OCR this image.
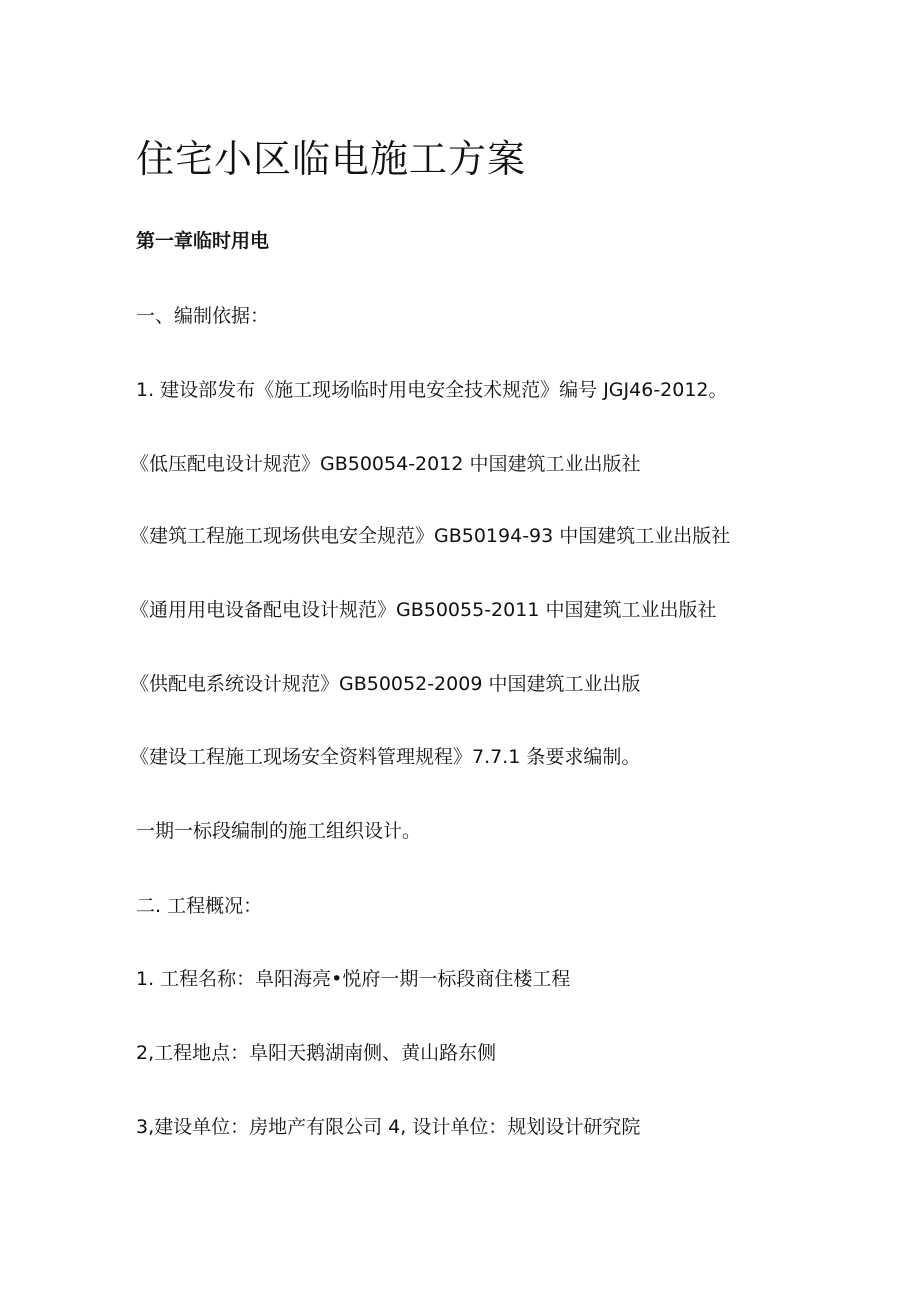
住宅小区临电施工方案

第一章临时用电

一、编制依据：

1. 建设部发布《施工现场临时用电安全技术规范》编号 JGJ46-2012。

《低压配电设计规范》GB50054-2012 中国建筑工业出版社

《建筑工程施工现场供电安全规范》GB50194-93 中国建筑工业出版社

《通用用电设备配电设计规范》GB50055-2011 中国建筑工业出版社

《供配电系统设计规范》GB50052-2009 中国建筑工业出版

《建设工程施工现场安全资料管理规程》7.7.1 条要求编制。

一期一标段编制的施工组织设计。

二. 工程概况：

1. 工程名称：阜阳海亮•悦府一期一标段商住楼工程

2,工程地点：阜阳天鹅湖南侧、黄山路东侧

3,建设单位：房地产有限公司 4, 设计单位：规划设计研究院
